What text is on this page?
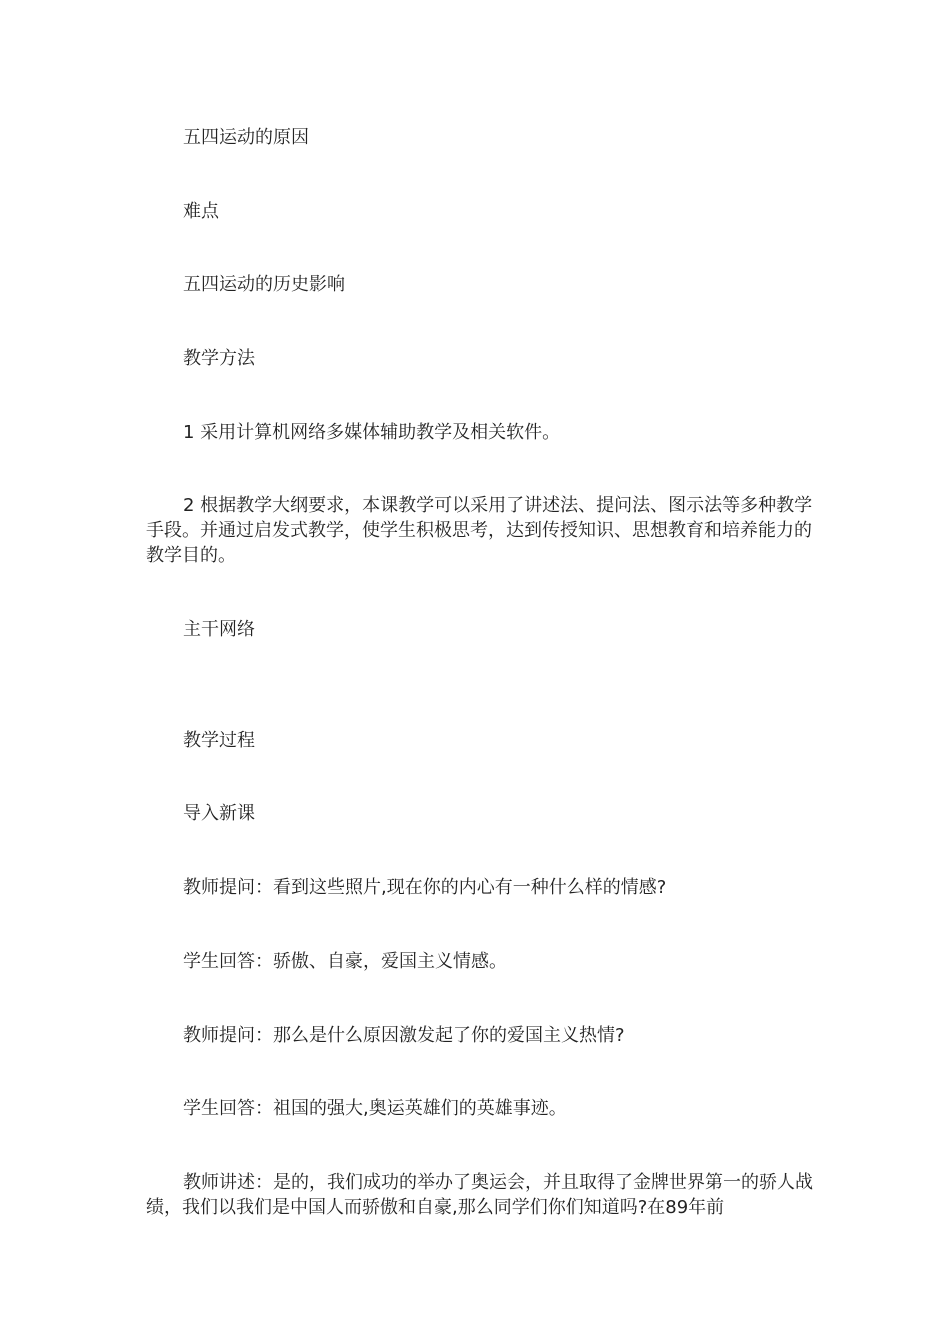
五四运动的原因

难点

五四运动的历史影响

教学方法

1 采用计算机网络多媒体辅助教学及相关软件。

2 根据教学大纲要求，本课教学可以采用了讲述法、提问法、图示法等多种教学手段。并通过启发式教学，使学生积极思考，达到传授知识、思想教育和培养能力的教学目的。

主干网络

教学过程

导入新课

教师提问：看到这些照片,现在你的内心有一种什么样的情感?

学生回答：骄傲、自豪，爱国主义情感。

教师提问：那么是什么原因激发起了你的爱国主义热情?

学生回答：祖国的强大,奥运英雄们的英雄事迹。

教师讲述：是的，我们成功的举办了奥运会，并且取得了金牌世界第一的骄人战绩，我们以我们是中国人而骄傲和自豪,那么同学们你们知道吗?在89年前
